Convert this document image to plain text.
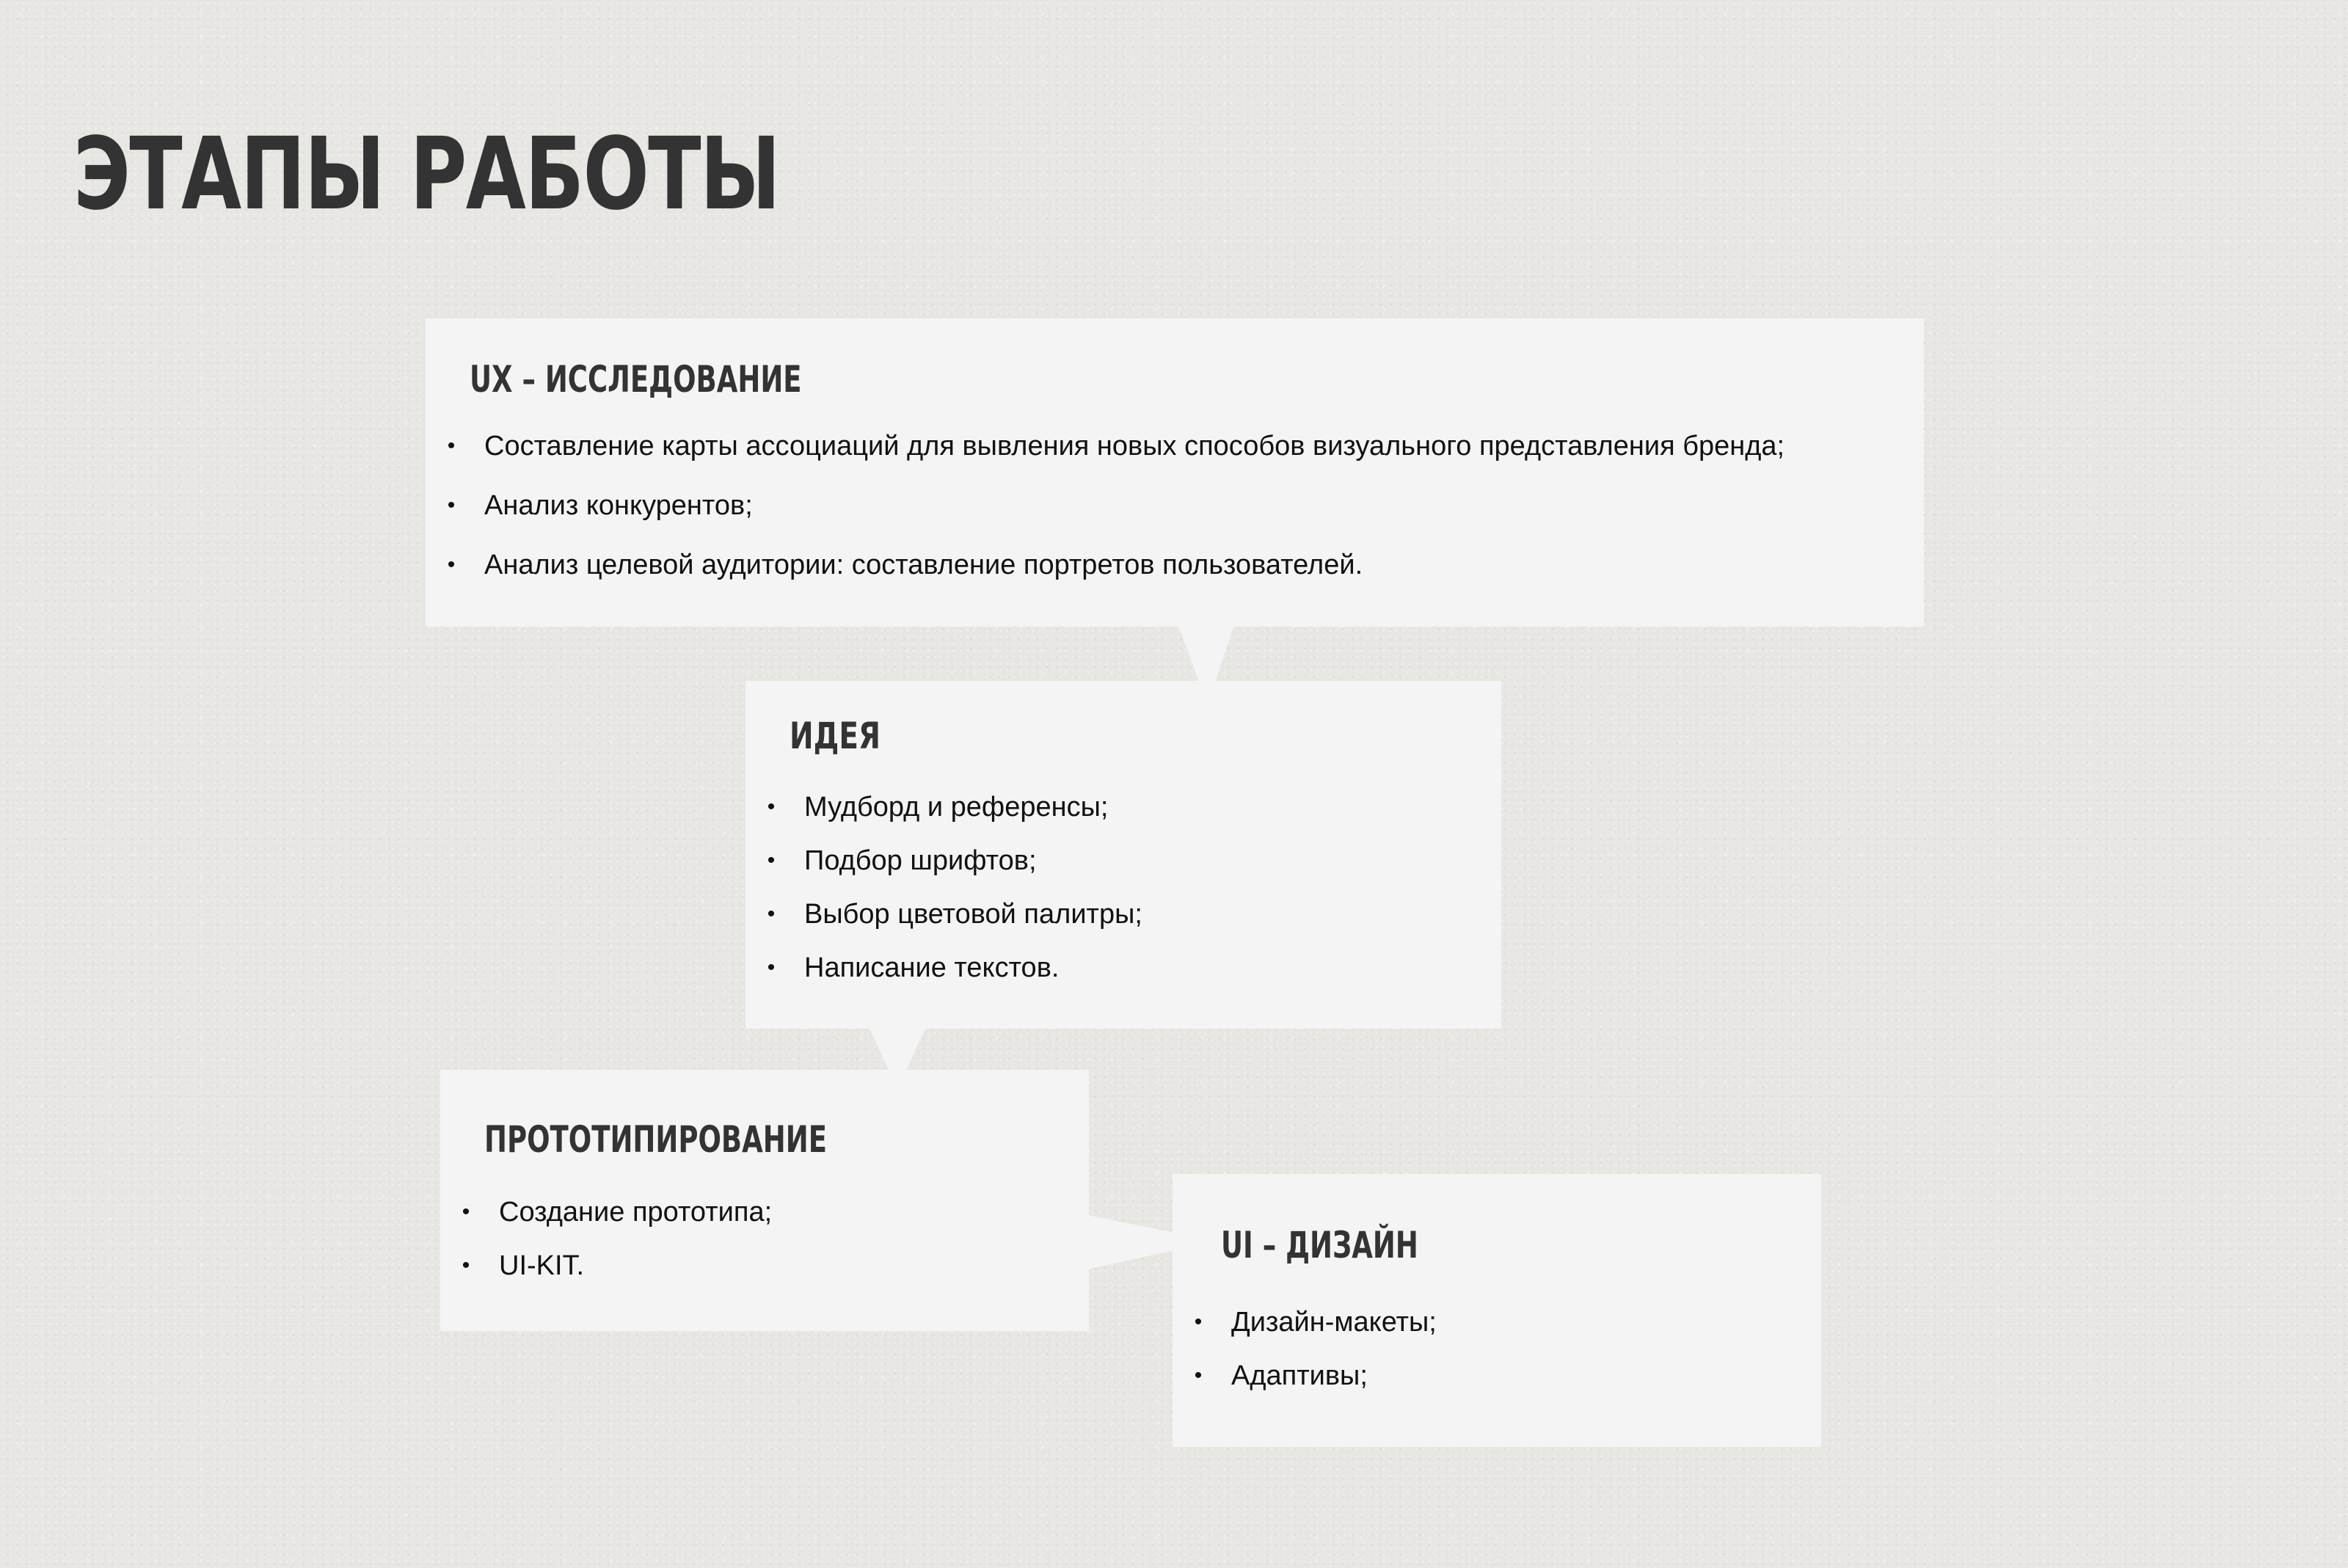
ЭТАПЫ РАБОТЫ
UX – ИССЛЕДОВАНИЕ
• Составление карты ассоциаций для вывления новых способов визуального представления бренда;
• Анализ конкурентов;
• Анализ целевой аудитории: составление портретов пользователей.
ИДЕЯ
• Мудборд и референсы;
• Подбор шрифтов;
• Выбор цветовой палитры;
• Написание текстов.
ПРОТОТИПИРОВАНИЕ
• Создание прототипа;
• UI-KIT.	UI – ДИЗАЙН
• Дизайн-макеты;
• Адаптивы;
